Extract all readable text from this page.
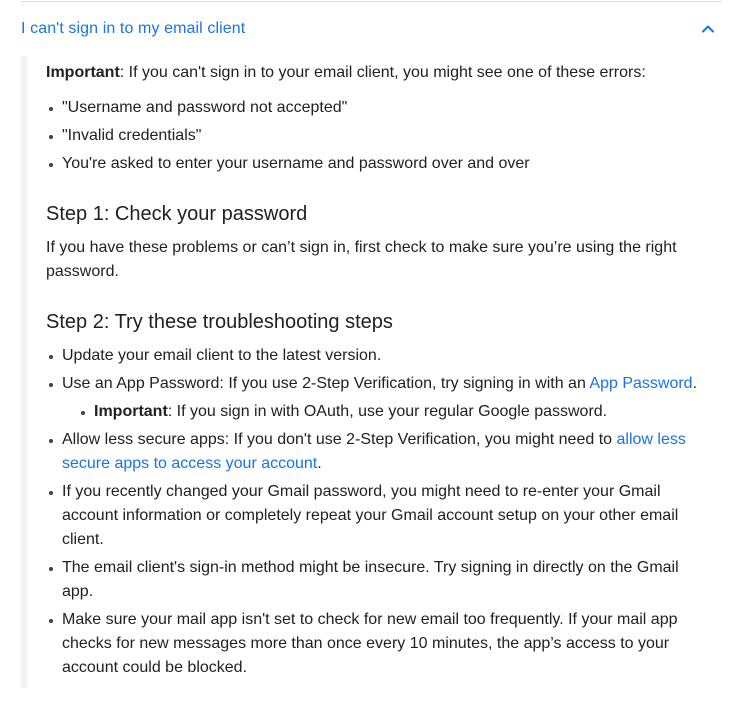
I can't sign in to my email client

Important: If you can't sign in to your email client, you might see one of these errors:

"Username and password not accepted"
"Invalid credentials"
You're asked to enter your username and password over and over
Step 1: Check your password

If you have these problems or can’t sign in, first check to make sure you’re using the right password.

Step 2: Try these troubleshooting steps
Update your email client to the latest version.
Use an App Password: If you use 2-Step Verification, try signing in with an App Password.
Important: If you sign in with OAuth, use your regular Google password.
Allow less secure apps: If you don't use 2-Step Verification, you might need to allow less secure apps to access your account.
If you recently changed your Gmail password, you might need to re-enter your Gmail account information or completely repeat your Gmail account setup on your other email client.
The email client's sign-in method might be insecure. Try signing in directly on the Gmail app.
Make sure your mail app isn't set to check for new email too frequently. If your mail app checks for new messages more than once every 10 minutes, the app’s access to your account could be blocked.
